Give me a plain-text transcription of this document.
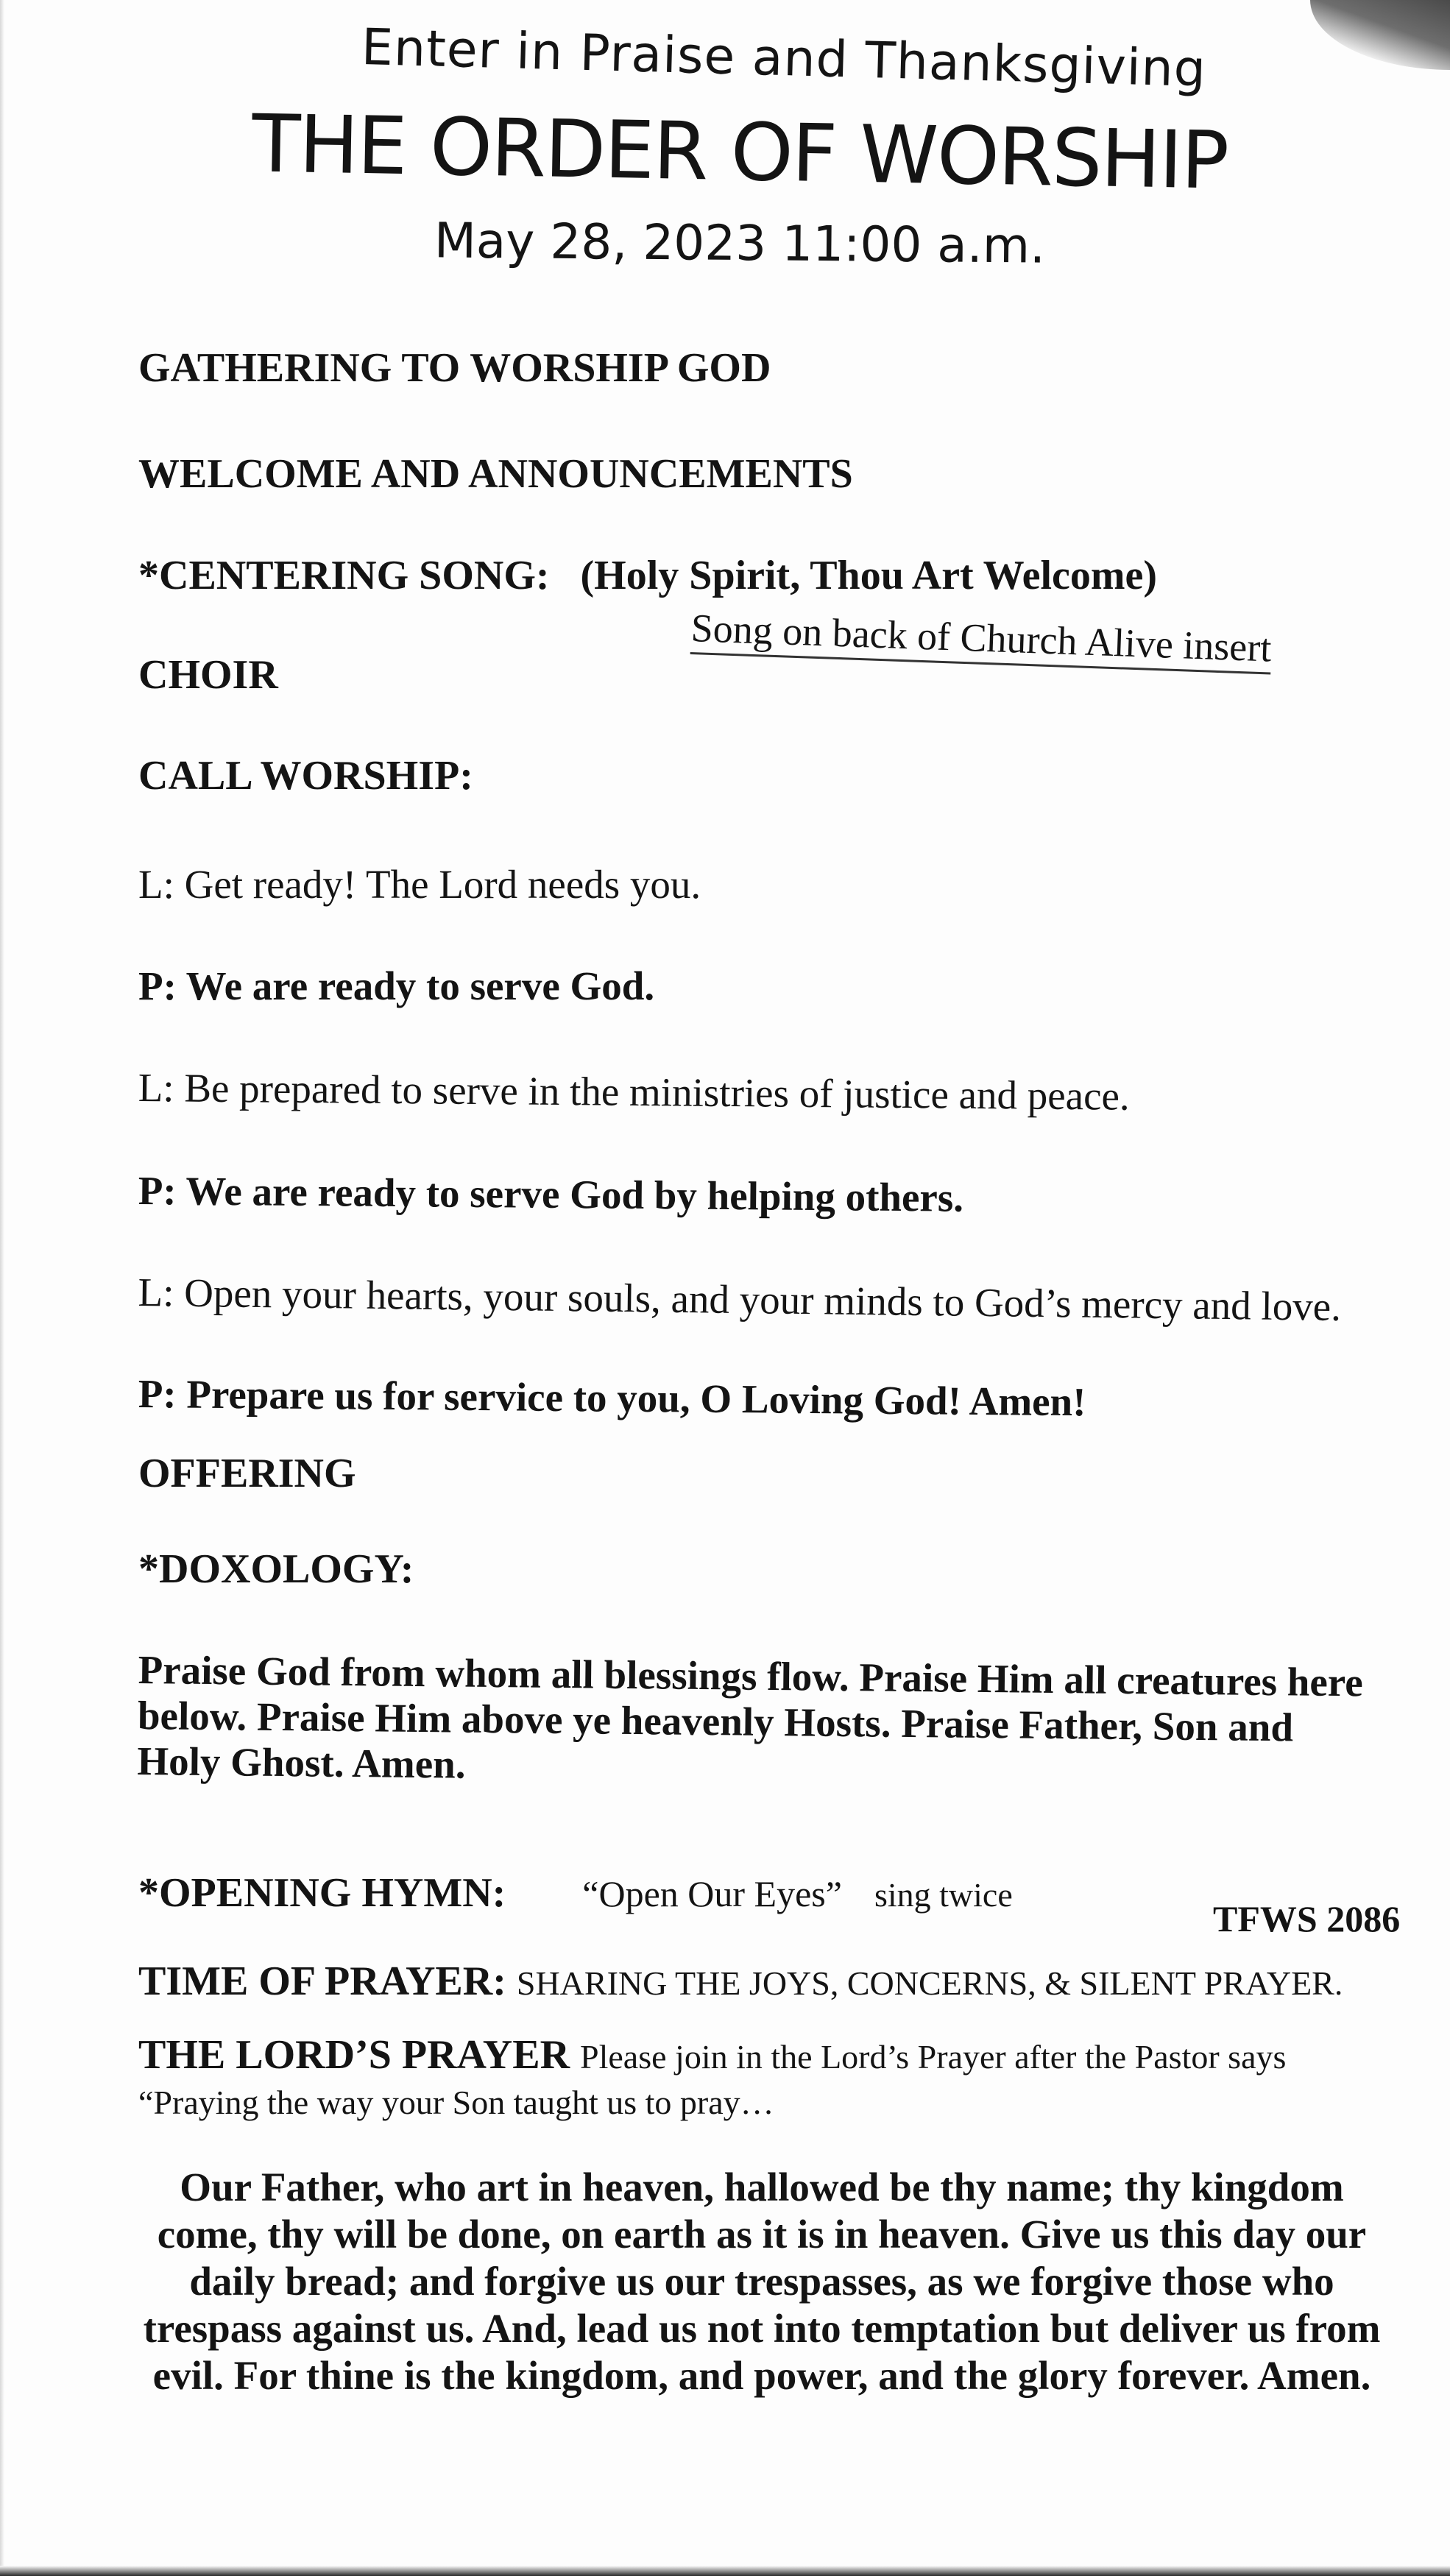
Enter in Praise and Thanksgiving
THE ORDER OF WORSHIP
May 28, 2023 11:00 a.m.
GATHERING TO WORSHIP GOD
WELCOME AND ANNOUNCEMENTS
*CENTERING SONG: (Holy Spirit, Thou Art Welcome)
Song on back of Church Alive insert
CHOIR
CALL WORSHIP:
L: Get ready! The Lord needs you.
P: We are ready to serve God.
L: Be prepared to serve in the ministries of justice and peace.
P: We are ready to serve God by helping others.
L: Open your hearts, your souls, and your minds to God’s mercy and love.
P: Prepare us for service to you, O Loving God! Amen!
OFFERING
*DOXOLOGY:
Praise God from whom all blessings flow. Praise Him all creatures here
below. Praise Him above ye heavenly Hosts. Praise Father, Son and
Holy Ghost. Amen.
*OPENING HYMN: “Open Our Eyes” sing twice
TFWS 2086
TIME OF PRAYER: SHARING THE JOYS, CONCERNS, & SILENT PRAYER.
THE LORD’S PRAYER Please join in the Lord’s Prayer after the Pastor says
“Praying the way your Son taught us to pray…
Our Father, who art in heaven, hallowed be thy name; thy kingdom
come, thy will be done, on earth as it is in heaven. Give us this day our
daily bread; and forgive us our trespasses, as we forgive those who
trespass against us. And, lead us not into temptation but deliver us from
evil. For thine is the kingdom, and power, and the glory forever. Amen.
